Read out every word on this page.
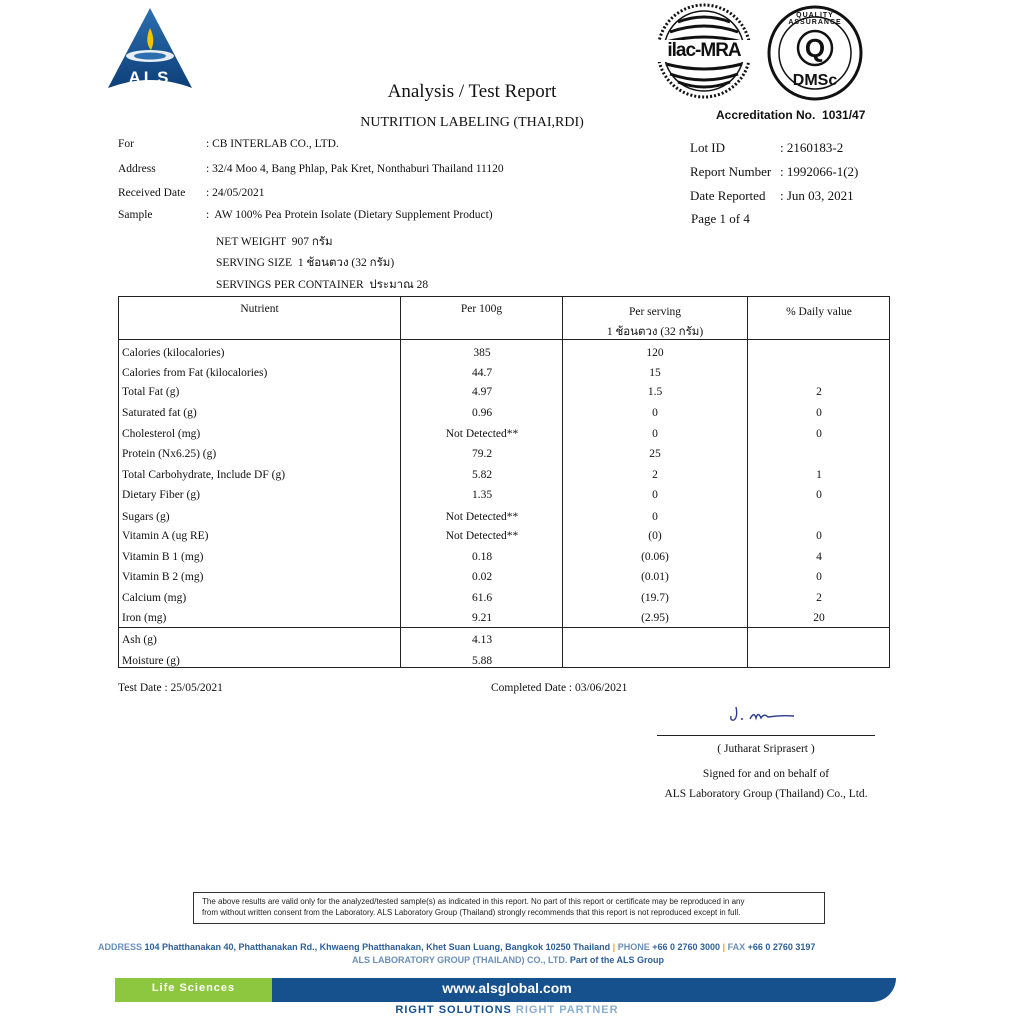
ALS
ilac-MRA
QUALITY ASSURANCE
Q
DMSc
Accreditation No.  1031/47
Analysis / Test Report
NUTRITION LABELING (THAI,RDI)
For	: CB INTERLAB CO., LTD.
Address	: 32/4 Moo 4, Bang Phlap, Pak Kret, Nonthaburi Thailand 11120
Received Date : 24/05/2021
Sample	:  AW 100% Pea Protein Isolate (Dietary Supplement Product)
NET WEIGHT  907 กรัม
SERVING SIZE  1 ช้อนตวง (32 กรัม)
SERVINGS PER CONTAINER  ประมาณ 28
Lot ID	: 2160183-2
Report Number : 1992066-1(2)
Date Reported : Jun 03, 2021
Page 1 of 4
Nutrient	Per 100g	Per serving
1 ช้อนตวง (32 กรัม)
% Daily value
Calories (kilocalories)	385	120
Calories from Fat (kilocalories)	44.7	15
Total Fat (g)	4.97	1.5	2
Saturated fat (g)	0.96	0	0
Cholesterol (mg)	Not Detected**	0	0
Protein (Nx6.25) (g)	79.2	25
Total Carbohydrate, Include DF (g)	5.82	2	1
Dietary Fiber (g)	1.35	0	0
Sugars (g)	Not Detected**	0
Vitamin A (ug RE)	Not Detected**	(0)	0
Vitamin B 1 (mg)	0.18	(0.06)	4
Vitamin B 2 (mg)	0.02	(0.01)	0
Calcium (mg)	61.6	(19.7)	2
Iron (mg)	9.21	(2.95)	20
Ash (g)	4.13
Moisture (g)	5.88
Test Date : 25/05/2021	Completed Date : 03/06/2021
( Jutharat Sriprasert )
Signed for and on behalf of
ALS Laboratory Group (Thailand) Co., Ltd.
The above results are valid only for the analyzed/tested sample(s) as indicated in this report. No part of this report or certificate may be reproduced in any
from without written consent from the Laboratory. ALS Laboratory Group (Thailand) strongly recommends that this report is not reproduced except in full.
ADDRESS 104 Phatthanakan 40, Phatthanakan Rd., Khwaeng Phatthanakan, Khet Suan Luang, Bangkok 10250 Thailand | PHONE +66 0 2760 3000 | FAX +66 0 2760 3197
ALS LABORATORY GROUP (THAILAND) CO., LTD. Part of the ALS Group
Life Sciences	www.alsglobal.com
RIGHT SOLUTIONS RIGHT PARTNER
